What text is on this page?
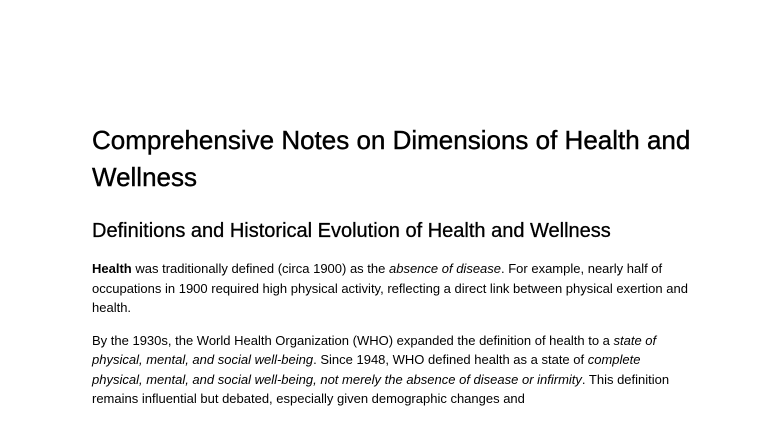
Comprehensive Notes on Dimensions of Health and Wellness
Definitions and Historical Evolution of Health and Wellness

Health was traditionally defined (circa 1900) as the absence of disease. For example, nearly half of occupations in 1900 required high physical activity, reflecting a direct link between physical exertion and health.

By the 1930s, the World Health Organization (WHO) expanded the definition of health to a state of physical, mental, and social well-being. Since 1948, WHO defined health as a state of complete physical, mental, and social well-being, not merely the absence of disease or infirmity. This definition remains influential but debated, especially given demographic changes and
